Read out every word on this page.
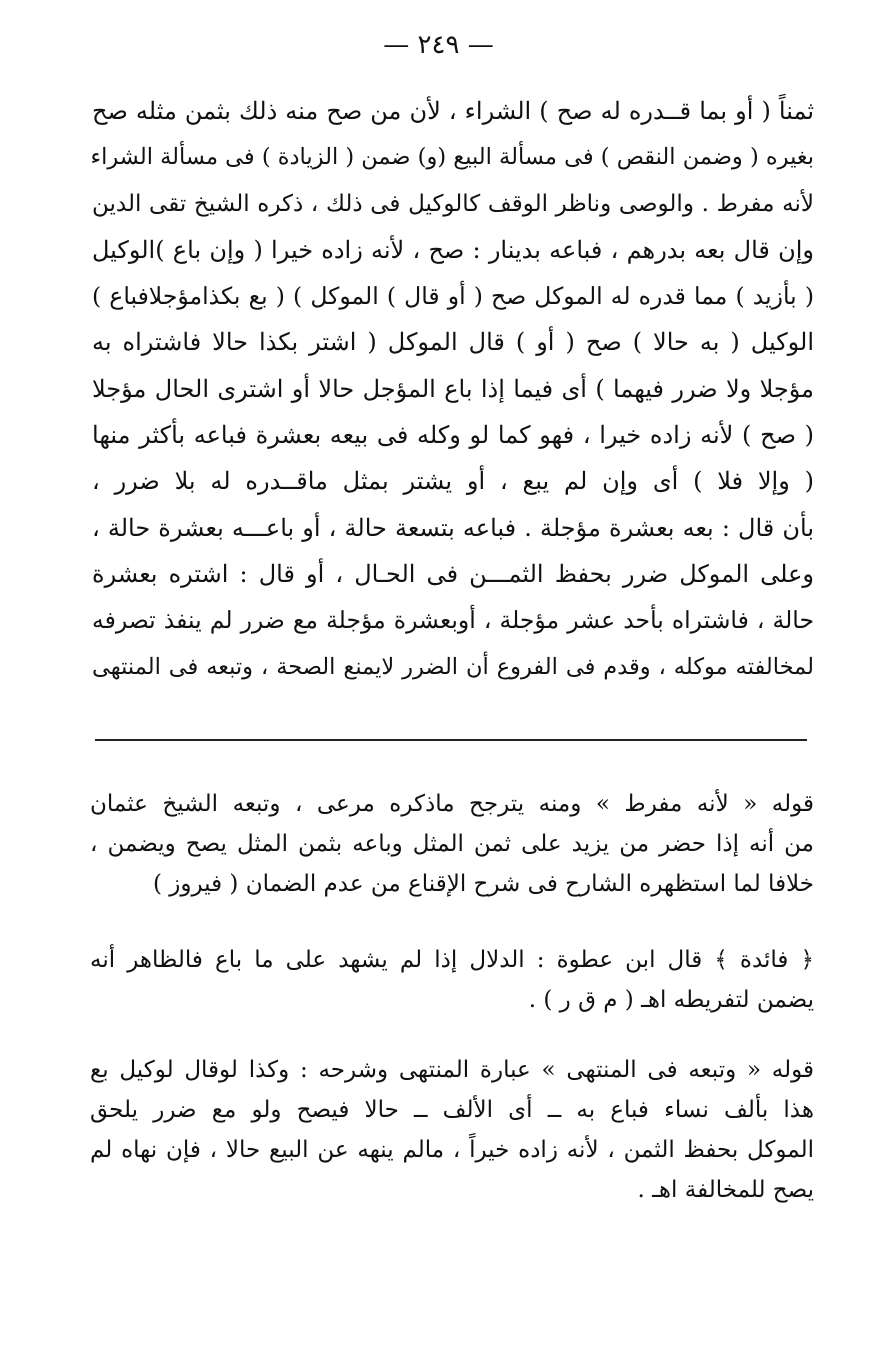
— ٢٤٩ —
ثمناً ( أو بما قــدره له صح ) الشراء ، لأن من صح منه ذلك بثمن مثله صح
بغيره ( وضمن النقص ) فى مسألة البيع (و) ضمن ( الزيادة ) فى مسألة الشراء
لأنه مفرط . والوصى وناظر الوقف كالوكيل فى ذلك ، ذكره الشيخ تقى الدين
وإن قال بعه بدرهم ، فباعه بدينار : صح ، لأنه زاده خيرا ( وإن باع )الوكيل
( بأزيد ) مما قدره له الموكل صح ( أو قال ) الموكل ) ( بع بكذامؤجلافباع )
الوكيل ( به حالا ) صح ( أو ) قال الموكل ( اشتر بكذا حالا فاشتراه به
مؤجلا ولا ضرر فيهما ) أى فيما إذا باع المؤجل حالا أو اشترى الحال مؤجلا
( صح ) لأنه زاده خيرا ، فهو كما لو وكله فى بيعه بعشرة فباعه بأكثر منها
( وإلا فلا ) أى وإن لم يبع ، أو يشتر بمثل ماقــدره له بلا ضرر ،
بأن قال : بعه بعشرة مؤجلة . فباعه بتسعة حالة ، أو باعـــه بعشرة حالة ،
وعلى الموكل ضرر بحفظ الثمـــن فى الحـال ، أو قال : اشتره بعشرة
حالة ، فاشتراه بأحد عشر مؤجلة ، أوبعشرة مؤجلة مع ضرر لم ينفذ تصرفه
لمخالفته موكله ، وقدم فى الفروع أن الضرر لايمنع الصحة ، وتبعه فى المنتهى
قوله « لأنه مفرط » ومنه يترجح ماذكره مرعى ، وتبعه الشيخ عثمان
من أنه إذا حضر من يزيد على ثمن المثل وباعه بثمن المثل يصح ويضمن ،
خلافا لما استظهره الشارح فى شرح الإقناع من عدم الضمان ( فيروز )
﴿ فائدة ﴾ قال ابن عطوة : الدلال إذا لم يشهد على ما باع فالظاهر أنه
يضمن لتفريطه اهـ ( م ق ر ) .
قوله « وتبعه فى المنتهى » عبارة المنتهى وشرحه : وكذا لوقال لوكيل بع
هذا بألف نساء فباع به ــ أى الألف ــ حالا فيصح ولو مع ضرر يلحق
الموكل بحفظ الثمن ، لأنه زاده خيراً ، مالم ينهه عن البيع حالا ، فإن نهاه لم
يصح للمخالفة اهـ .
